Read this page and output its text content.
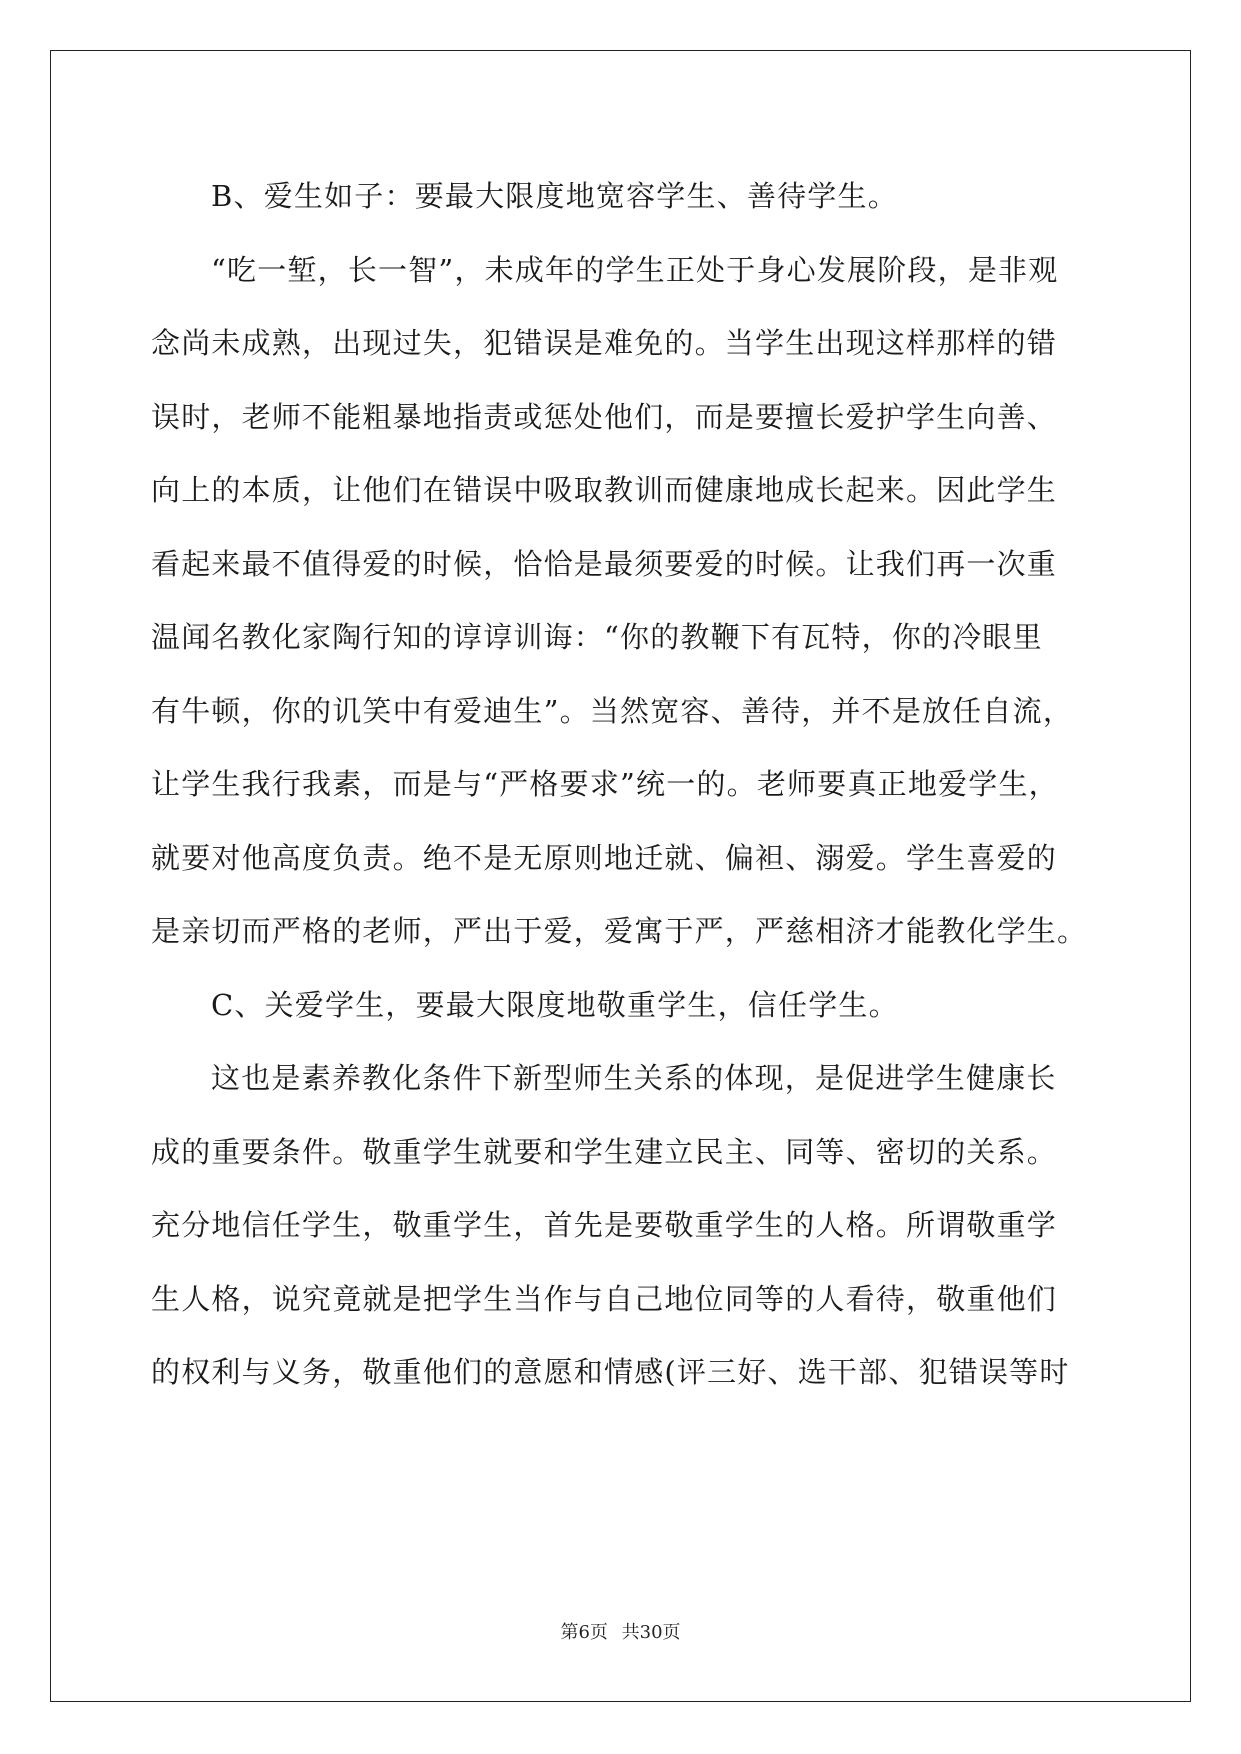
B、爱生如子：要最大限度地宽容学生、善待学生。
“吃一堑，长一智”，未成年的学生正处于身心发展阶段，是非观
念尚未成熟，出现过失，犯错误是难免的。当学生出现这样那样的错
误时，老师不能粗暴地指责或惩处他们，而是要擅长爱护学生向善、
向上的本质，让他们在错误中吸取教训而健康地成长起来。因此学生
看起来最不值得爱的时候，恰恰是最须要爱的时候。让我们再一次重
温闻名教化家陶行知的谆谆训诲：“你的教鞭下有瓦特，你的冷眼里
有牛顿，你的讥笑中有爱迪生”。当然宽容、善待，并不是放任自流，
让学生我行我素，而是与“严格要求”统一的。老师要真正地爱学生，
就要对他高度负责。绝不是无原则地迁就、偏袒、溺爱。学生喜爱的
是亲切而严格的老师，严出于爱，爱寓于严，严慈相济才能教化学生。
C、关爱学生，要最大限度地敬重学生，信任学生。
这也是素养教化条件下新型师生关系的体现，是促进学生健康长
成的重要条件。敬重学生就要和学生建立民主、同等、密切的关系。
充分地信任学生，敬重学生，首先是要敬重学生的人格。所谓敬重学
生人格，说究竟就是把学生当作与自己地位同等的人看待，敬重他们
的权利与义务，敬重他们的意愿和情感(评三好、选干部、犯错误等时
第6页 共30页
